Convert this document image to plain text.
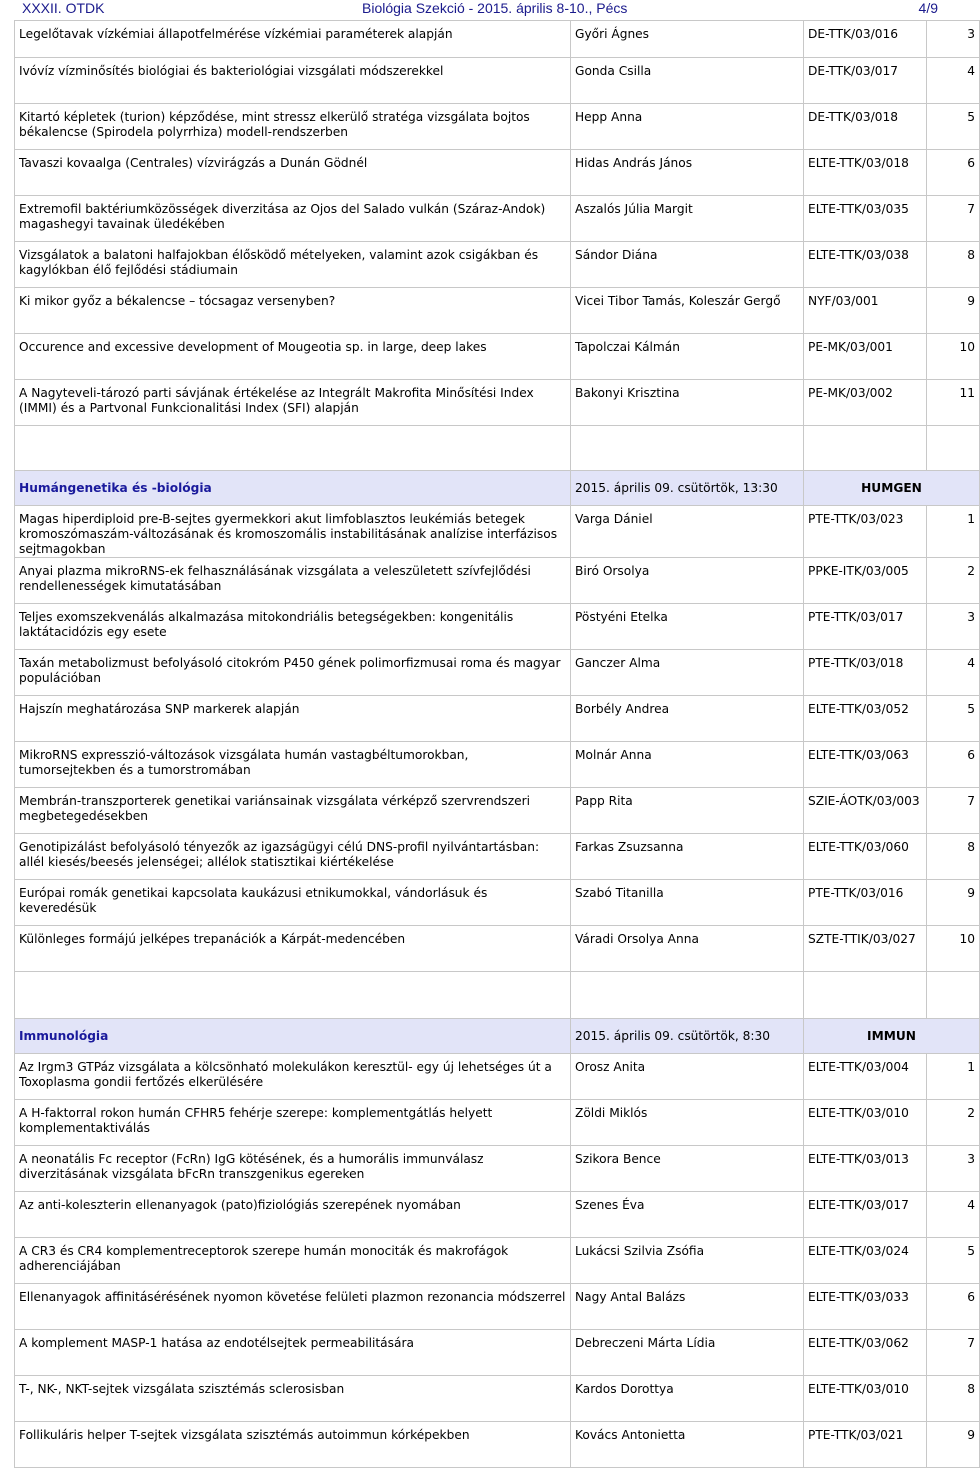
XXXII. OTDK	Biológia Szekció - 2015. április 8-10., Pécs	4/9
Legelőtavak vízkémiai állapotfelmérése vízkémiai paraméterek alapján	Győri Ágnes	DE-TTK/03/016	3
Ivóvíz vízminősítés biológiai és bakteriológiai vizsgálati módszerekkel	Gonda Csilla	DE-TTK/03/017	4
Kitartó képletek (turion) képződése, mint stressz elkerülő stratéga vizsgálata bojtos békalencse (Spirodela polyrrhiza) modell-rendszerben	Hepp Anna	DE-TTK/03/018	5
Tavaszi kovaalga (Centrales) vízvirágzás a Dunán Gödnél	Hidas András János	ELTE-TTK/03/018	6
Extremofil baktériumközösségek diverzitása az Ojos del Salado vulkán (Száraz-Andok) magashegyi tavainak üledékében	Aszalós Júlia Margit	ELTE-TTK/03/035	7
Vizsgálatok a balatoni halfajokban élősködő mételyeken, valamint azok csigákban és kagylókban élő fejlődési stádiumain	Sándor Diána	ELTE-TTK/03/038	8
Ki mikor győz a békalencse – tócsagaz versenyben?	Vicei Tibor Tamás, Koleszár Gergő	NYF/03/001	9
Occurence and excessive development of Mougeotia sp. in large, deep lakes	Tapolczai Kálmán	PE-MK/03/001	10
A Nagyteveli-tározó parti sávjának értékelése az Integrált Makrofita Minősítési Index (IMMI) és a Partvonal Funkcionalitási Index (SFI) alapján	Bakonyi Krisztina	PE-MK/03/002	11

Humángenetika és -biológia	2015. április 09. csütörtök, 13:30	HUMGEN	
Magas hiperdiploid pre-B-sejtes gyermekkori akut limfoblasztos leukémiás betegek kromoszómaszám-változásának és kromoszomális instabilitásának analízise interfázisos sejtmagokban	Varga Dániel	PTE-TTK/03/023	1
Anyai plazma mikroRNS-ek felhasználásának vizsgálata a veleszületett szívfejlődési rendellenességek kimutatásában	Biró Orsolya	PPKE-ITK/03/005	2
Teljes exomszekvenálás alkalmazása mitokondriális betegségekben: kongenitális laktátacidózis egy esete	Pöstyéni Etelka	PTE-TTK/03/017	3
Taxán metabolizmust befolyásoló citokróm P450 gének polimorfizmusai roma és magyar populációban	Ganczer Alma	PTE-TTK/03/018	4
Hajszín meghatározása SNP markerek alapján	Borbély Andrea	ELTE-TTK/03/052	5
MikroRNS expresszió-változások vizsgálata humán vastagbéltumorokban, tumorsejtekben és a tumorstromában	Molnár Anna	ELTE-TTK/03/063	6
Membrán-transzporterek genetikai variánsainak vizsgálata vérképző szervrendszeri megbetegedésekben	Papp Rita	SZIE-ÁOTK/03/003	7
Genotipizálást befolyásoló tényezők az igazságügyi célú DNS-profil nyilvántartásban: allél kiesés/beesés jelenségei; allélok statisztikai kiértékelése	Farkas Zsuzsanna	ELTE-TTK/03/060	8
Európai romák genetikai kapcsolata kaukázusi etnikumokkal, vándorlásuk és keveredésük	Szabó Titanilla	PTE-TTK/03/016	9
Különleges formájú jelképes trepanációk a Kárpát-medencében	Váradi Orsolya Anna	SZTE-TTIK/03/027	10

Immunológia	2015. április 09. csütörtök, 8:30	IMMUN	
Az Irgm3 GTPáz vizsgálata a kölcsönható molekulákon keresztül- egy új lehetséges út a Toxoplasma gondii fertőzés elkerülésére	Orosz Anita	ELTE-TTK/03/004	1
A H-faktorral rokon humán CFHR5 fehérje szerepe: komplementgátlás helyett komplementaktiválás	Zöldi Miklós	ELTE-TTK/03/010	2
A neonatális Fc receptor (FcRn) IgG kötésének, és a humorális immunválasz diverzitásának vizsgálata bFcRn transzgenikus egereken	Szikora Bence	ELTE-TTK/03/013	3
Az anti-koleszterin ellenanyagok (pato)fiziológiás szerepének nyomában	Szenes Éva	ELTE-TTK/03/017	4
A CR3 és CR4 komplementreceptorok szerepe humán monociták és makrofágok adherenciájában	Lukácsi Szilvia Zsófia	ELTE-TTK/03/024	5
Ellenanyagok affinitásérésének nyomon követése felületi plazmon rezonancia módszerrel	Nagy Antal Balázs	ELTE-TTK/03/033	6
A komplement MASP-1 hatása az endotélsejtek permeabilitására	Debreczeni Márta Lídia	ELTE-TTK/03/062	7
T-, NK-, NKT-sejtek vizsgálata szisztémás sclerosisban	Kardos Dorottya	ELTE-TTK/03/010	8
Follikuláris helper T-sejtek vizsgálata szisztémás autoimmun kórképekben	Kovács Antonietta	PTE-TTK/03/021	9
